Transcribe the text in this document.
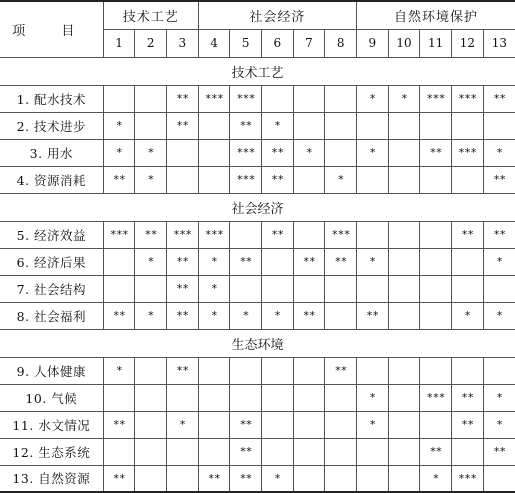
项 目	技术工艺			社会经济					自然环境保护				
	1	2	3	4	5	6	7	8	9	10	11	12	13
技术工艺													
1. 配水技术			**	***	***				*	*	***	***	**
2. 技术进步	*		**		**	*							
3. 用水	*	*			***	**	*		*		**	***	*
4. 资源消耗	**	*			***	**		*					**
社会经济													
5. 经济效益	***	**	***	***		**		***				**	**
6. 经济后果		*	**	*	**		**	**	*				*
7. 社会结构			**	*									
8. 社会福利	**	*	**	*	*	*	**		**			*	*
生态环境													
9. 人体健康	*		**					**					
10. 气候									*		***	**	*
11. 水文情况	**		*		**				*			**	*
12. 生态系统					**						**		**
13. 自然资源	**			**	**	*					*	***	
